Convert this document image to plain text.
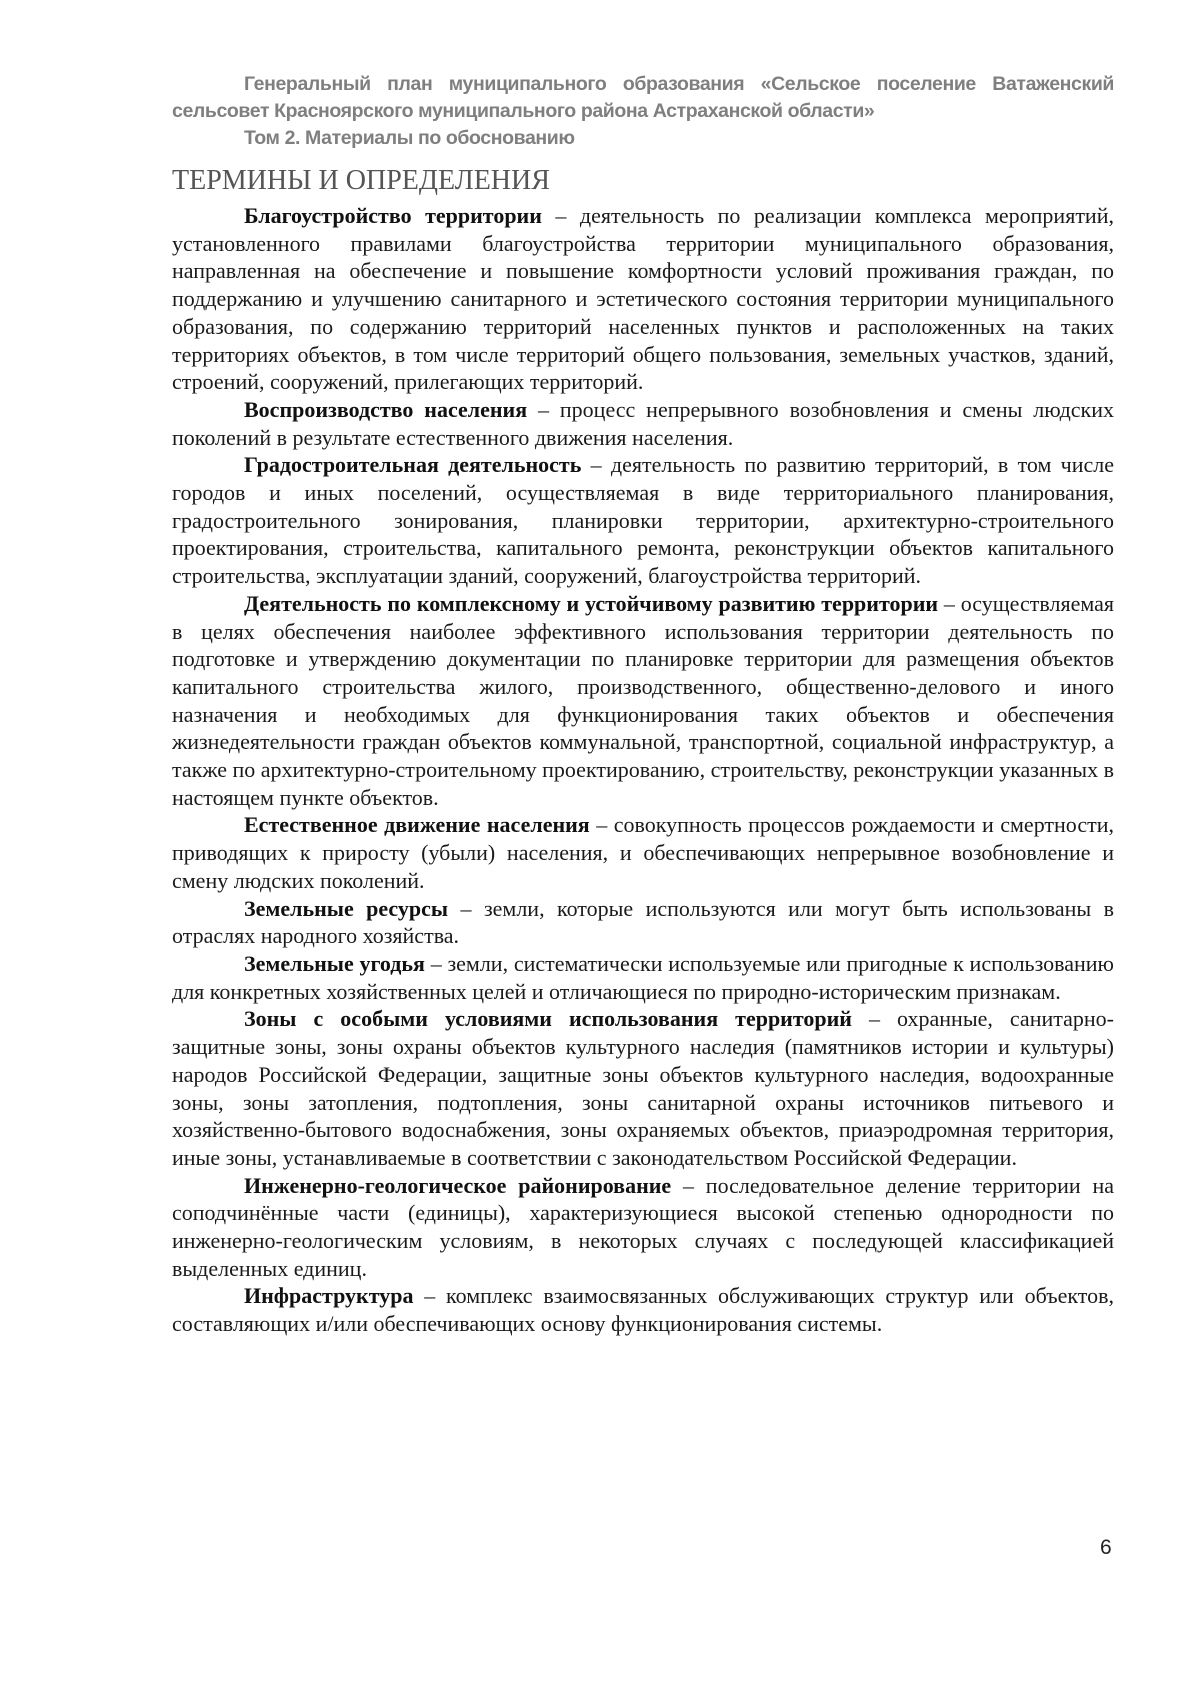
Генеральный план муниципального образования «Сельское поселение Ватаженский сельсовет Красноярского муниципального района Астраханской области»
Том 2. Материалы по обоснованию
ТЕРМИНЫ И ОПРЕДЕЛЕНИЯ

Благоустройство территории – деятельность по реализации комплекса мероприятий, установленного правилами благоустройства территории муниципального образования, направленная на обеспечение и повышение комфортности условий проживания граждан, по поддержанию и улучшению санитарного и эстетического состояния территории муниципального образования, по содержанию территорий населенных пунктов и расположенных на таких территориях объектов, в том числе территорий общего пользования, земельных участков, зданий, строений, сооружений, прилегающих территорий.

Воспроизводство населения – процесс непрерывного возобновления и смены людских поколений в результате естественного движения населения.

Градостроительная деятельность – деятельность по развитию территорий, в том числе городов и иных поселений, осуществляемая в виде территориального планирования, градостроительного зонирования, планировки территории, архитектурно-строительного проектирования, строительства, капитального ремонта, реконструкции объектов капитального строительства, эксплуатации зданий, сооружений, благоустройства территорий.

Деятельность по комплексному и устойчивому развитию территории – осуществляемая в целях обеспечения наиболее эффективного использования территории деятельность по подготовке и утверждению документации по планировке территории для размещения объектов капитального строительства жилого, производственного, общественно-делового и иного назначения и необходимых для функционирования таких объектов и обеспечения жизнедеятельности граждан объектов коммунальной, транспортной, социальной инфраструктур, а также по архитектурно-строительному проектированию, строительству, реконструкции указанных в настоящем пункте объектов.

Естественное движение населения – совокупность процессов рождаемости и смертности, приводящих к приросту (убыли) населения, и обеспечивающих непрерывное возобновление и смену людских поколений.

Земельные ресурсы – земли, которые используются или могут быть использованы в отраслях народного хозяйства.

Земельные угодья – земли, систематически используемые или пригодные к использованию для конкретных хозяйственных целей и отличающиеся по природно-историческим признакам.

Зоны с особыми условиями использования территорий – охранные, санитарно-защитные зоны, зоны охраны объектов культурного наследия (памятников истории и культуры) народов Российской Федерации, защитные зоны объектов культурного наследия, водоохранные зоны, зоны затопления, подтопления, зоны санитарной охраны источников питьевого и хозяйственно-бытового водоснабжения, зоны охраняемых объектов, приаэродромная территория, иные зоны, устанавливаемые в соответствии с законодательством Российской Федерации.

Инженерно-геологическое районирование – последовательное деление территории на соподчинённые части (единицы), характеризующиеся высокой степенью однородности по инженерно-геологическим условиям, в некоторых случаях с последующей классификацией выделенных единиц.

Инфраструктура – комплекс взаимосвязанных обслуживающих структур или объектов, составляющих и/или обеспечивающих основу функционирования системы.

6
